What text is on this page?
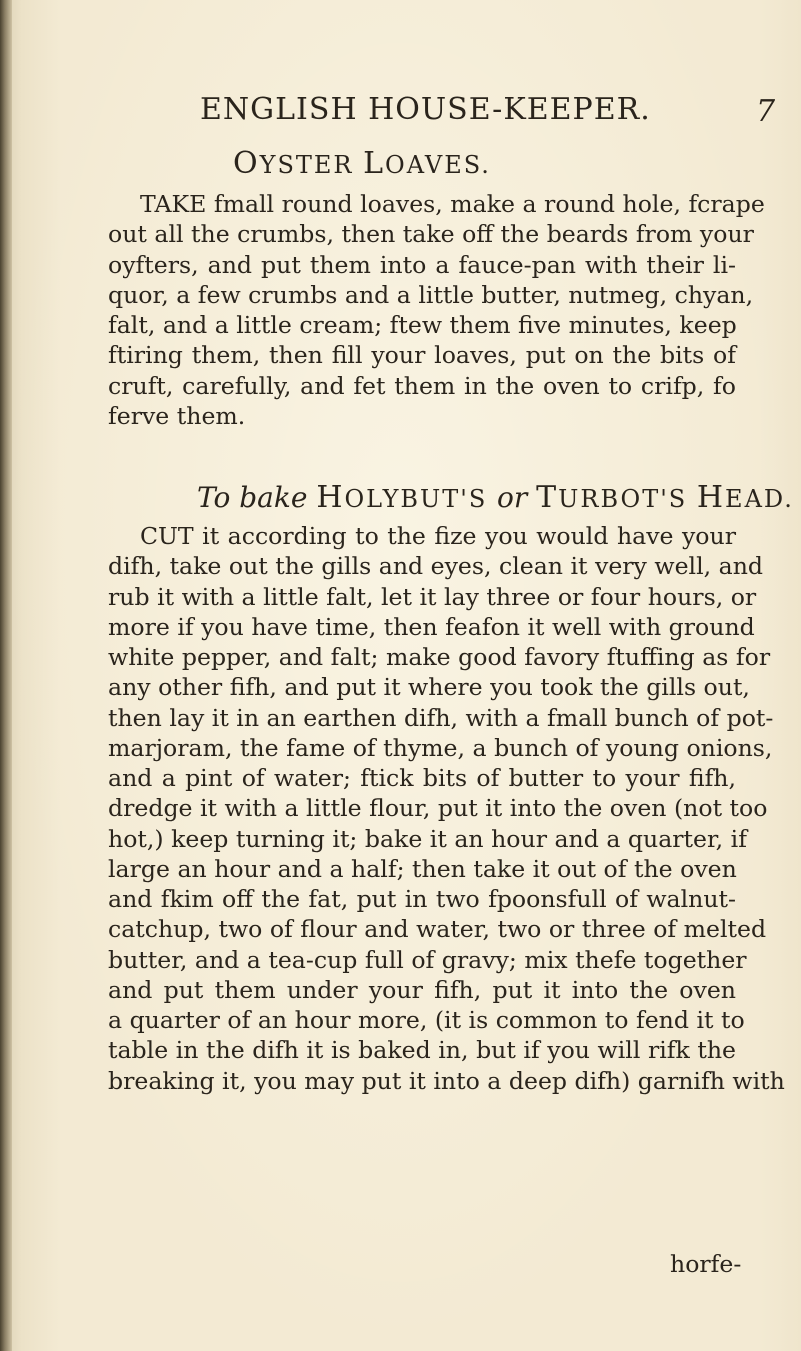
ENGLISH HOUSE-KEEPER.	7
OYSTER LOAVES.
TAKE fmall round loaves, make a round hole, fcrape
out all the crumbs, then take off the beards from your
oyfters, and put them into a fauce-pan with their li-
quor, a few crumbs and a little butter, nutmeg, chyan,
falt, and a little cream; ftew them five minutes, keep
ftiring them, then fill your loaves, put on the bits of
cruft, carefully, and fet them in the oven to crifp, fo
ferve them.
To bake HOLYBUT'S or TURBOT'S HEAD.
CUT it according to the fize you would have your
difh, take out the gills and eyes, clean it very well, and
rub it with a little falt, let it lay three or four hours, or
more if you have time, then feafon it well with ground
white pepper, and falt; make good favory ftuffing as for
any other fifh, and put it where you took the gills out,
then lay it in an earthen difh, with a fmall bunch of pot-
marjoram, the fame of thyme, a bunch of young onions,
and a pint of water; ftick bits of butter to your fifh,
dredge it with a little flour, put it into the oven (not too
hot,) keep turning it; bake it an hour and a quarter, if
large an hour and a half; then take it out of the oven
and fkim off the fat, put in two fpoonsfull of walnut-
catchup, two of flour and water, two or three of melted
butter, and a tea-cup full of gravy; mix thefe together
and put them under your fifh, put it into the oven
a quarter of an hour more, (it is common to fend it to
table in the difh it is baked in, but if you will rifk the
breaking it, you may put it into a deep difh) garnifh with
horfe-
